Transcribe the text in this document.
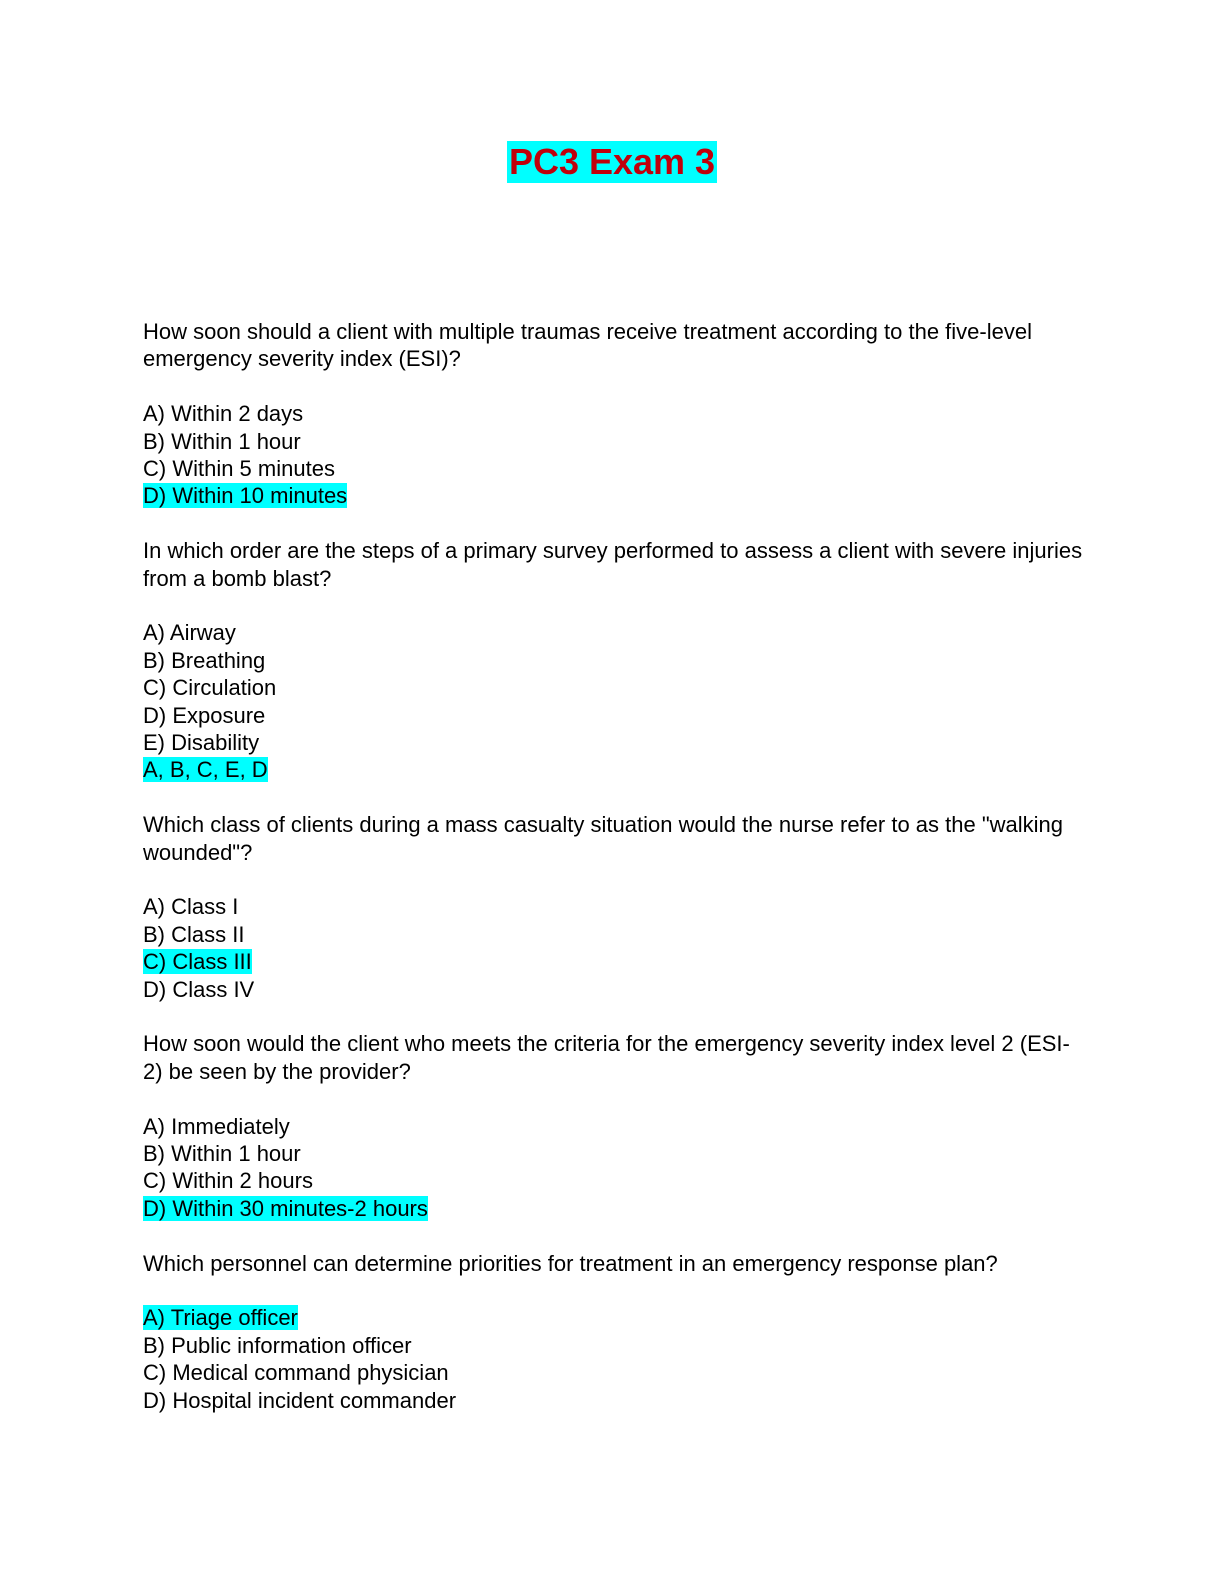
PC3 Exam 3

How soon should a client with multiple traumas receive treatment according to the five-level emergency severity index (ESI)?

A) Within 2 days
B) Within 1 hour
C) Within 5 minutes
D) Within 10 minutes

In which order are the steps of a primary survey performed to assess a client with severe injuries from a bomb blast?

A) Airway
B) Breathing
C) Circulation
D) Exposure
E) Disability
A, B, C, E, D

Which class of clients during a mass casualty situation would the nurse refer to as the "walking wounded"?

A) Class I
B) Class II
C) Class III
D) Class IV

How soon would the client who meets the criteria for the emergency severity index level 2 (ESI-2) be seen by the provider?

A) Immediately
B) Within 1 hour
C) Within 2 hours
D) Within 30 minutes-2 hours

Which personnel can determine priorities for treatment in an emergency response plan?

A) Triage officer
B) Public information officer
C) Medical command physician
D) Hospital incident commander
